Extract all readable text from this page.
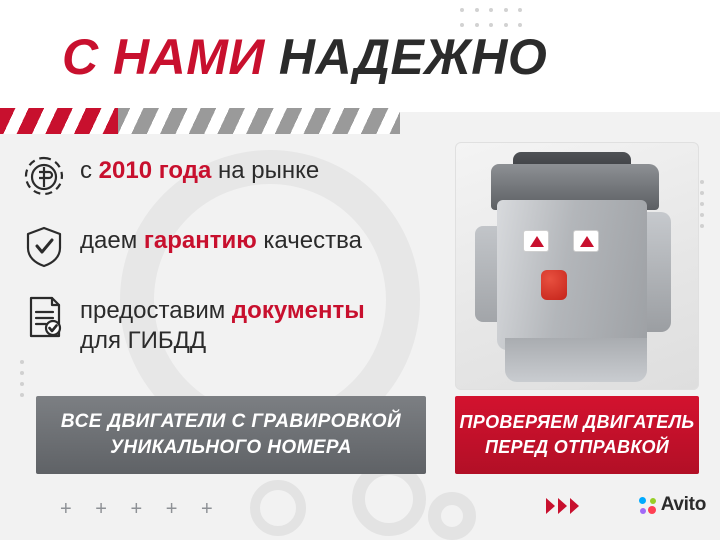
С НАМИ НАДЕЖНО
с 2010 года на рынке
даем гарантию качества
предоставим документы
для ГИБДД
ВСЕ ДВИГАТЕЛИ С ГРАВИРОВКОЙ
УНИКАЛЬНОГО НОМЕРА
ПРОВЕРЯЕМ ДВИГАТЕЛЬ
ПЕРЕД ОТПРАВКОЙ
+ + + + +	Avito
